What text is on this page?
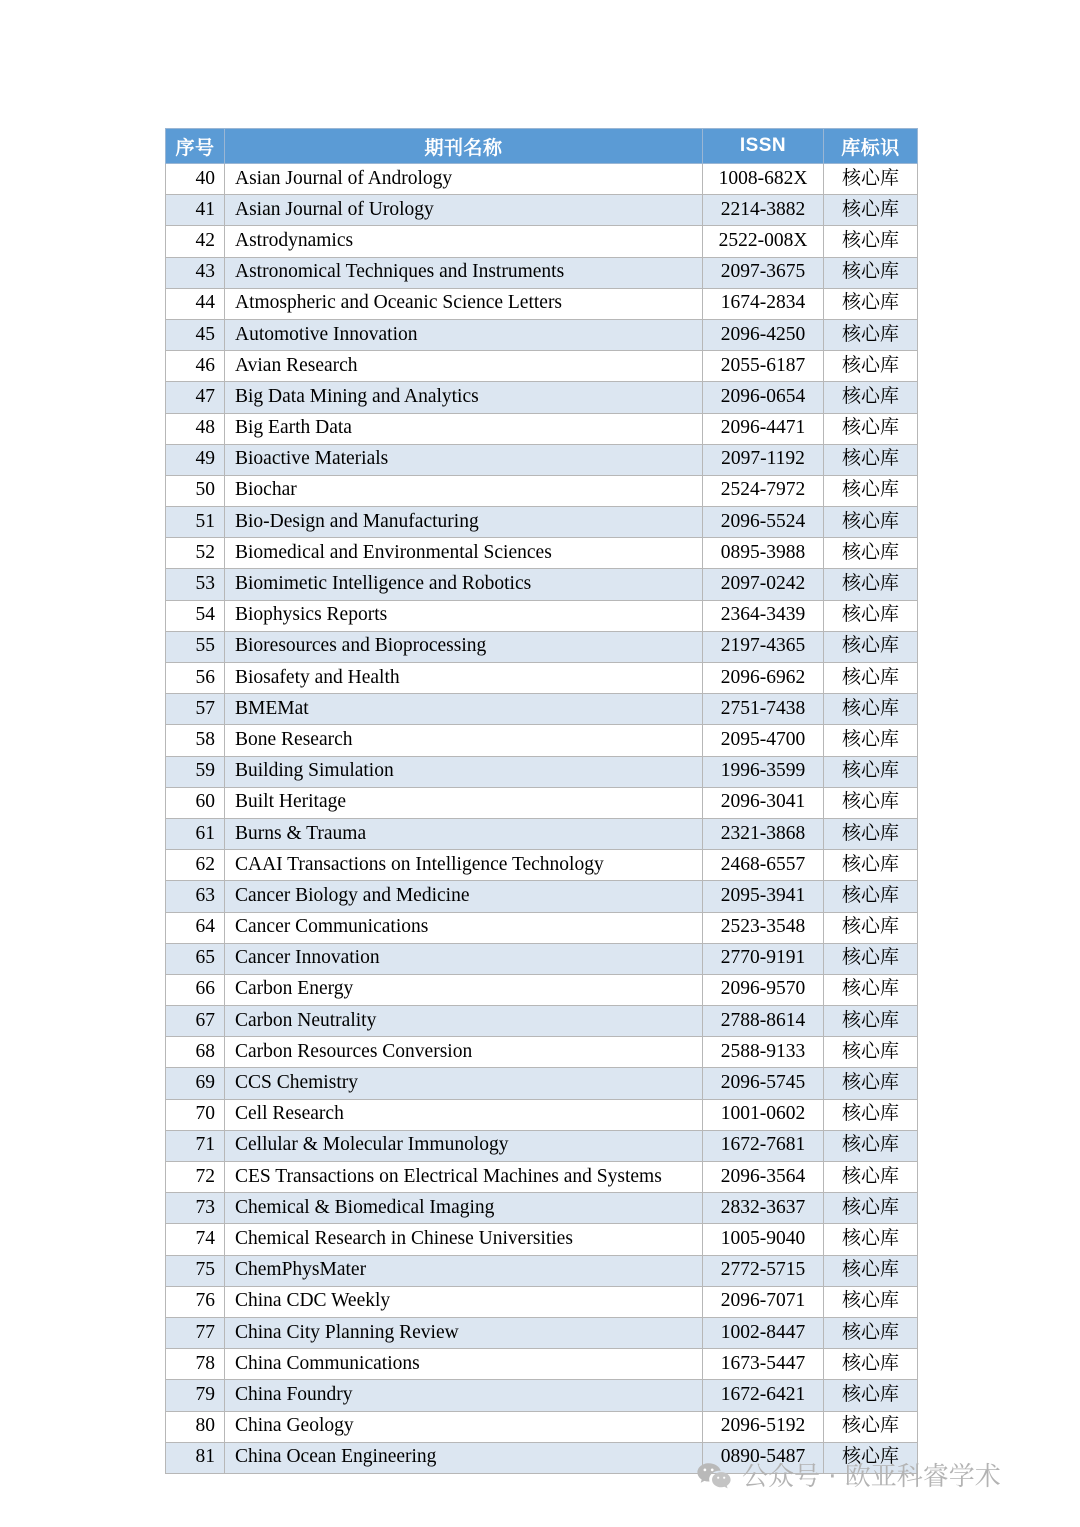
序号	期刊名称	ISSN	库标识
40	Asian Journal of Andrology	1008-682X	核心库
41	Asian Journal of Urology	2214-3882	核心库
42	Astrodynamics	2522-008X	核心库
43	Astronomical Techniques and Instruments	2097-3675	核心库
44	Atmospheric and Oceanic Science Letters	1674-2834	核心库
45	Automotive Innovation	2096-4250	核心库
46	Avian Research	2055-6187	核心库
47	Big Data Mining and Analytics	2096-0654	核心库
48	Big Earth Data	2096-4471	核心库
49	Bioactive Materials	2097-1192	核心库
50	Biochar	2524-7972	核心库
51	Bio-Design and Manufacturing	2096-5524	核心库
52	Biomedical and Environmental Sciences	0895-3988	核心库
53	Biomimetic Intelligence and Robotics	2097-0242	核心库
54	Biophysics Reports	2364-3439	核心库
55	Bioresources and Bioprocessing	2197-4365	核心库
56	Biosafety and Health	2096-6962	核心库
57	BMEMat	2751-7438	核心库
58	Bone Research	2095-4700	核心库
59	Building Simulation	1996-3599	核心库
60	Built Heritage	2096-3041	核心库
61	Burns & Trauma	2321-3868	核心库
62	CAAI Transactions on Intelligence Technology	2468-6557	核心库
63	Cancer Biology and Medicine	2095-3941	核心库
64	Cancer Communications	2523-3548	核心库
65	Cancer Innovation	2770-9191	核心库
66	Carbon Energy	2096-9570	核心库
67	Carbon Neutrality	2788-8614	核心库
68	Carbon Resources Conversion	2588-9133	核心库
69	CCS Chemistry	2096-5745	核心库
70	Cell Research	1001-0602	核心库
71	Cellular & Molecular Immunology	1672-7681	核心库
72	CES Transactions on Electrical Machines and Systems	2096-3564	核心库
73	Chemical & Biomedical Imaging	2832-3637	核心库
74	Chemical Research in Chinese Universities	1005-9040	核心库
75	ChemPhysMater	2772-5715	核心库
76	China CDC Weekly	2096-7071	核心库
77	China City Planning Review	1002-8447	核心库
78	China Communications	1673-5447	核心库
79	China Foundry	1672-6421	核心库
80	China Geology	2096-5192	核心库
81	China Ocean Engineering	0890-5487	核心库
公众号 · 欧亚科睿学术
